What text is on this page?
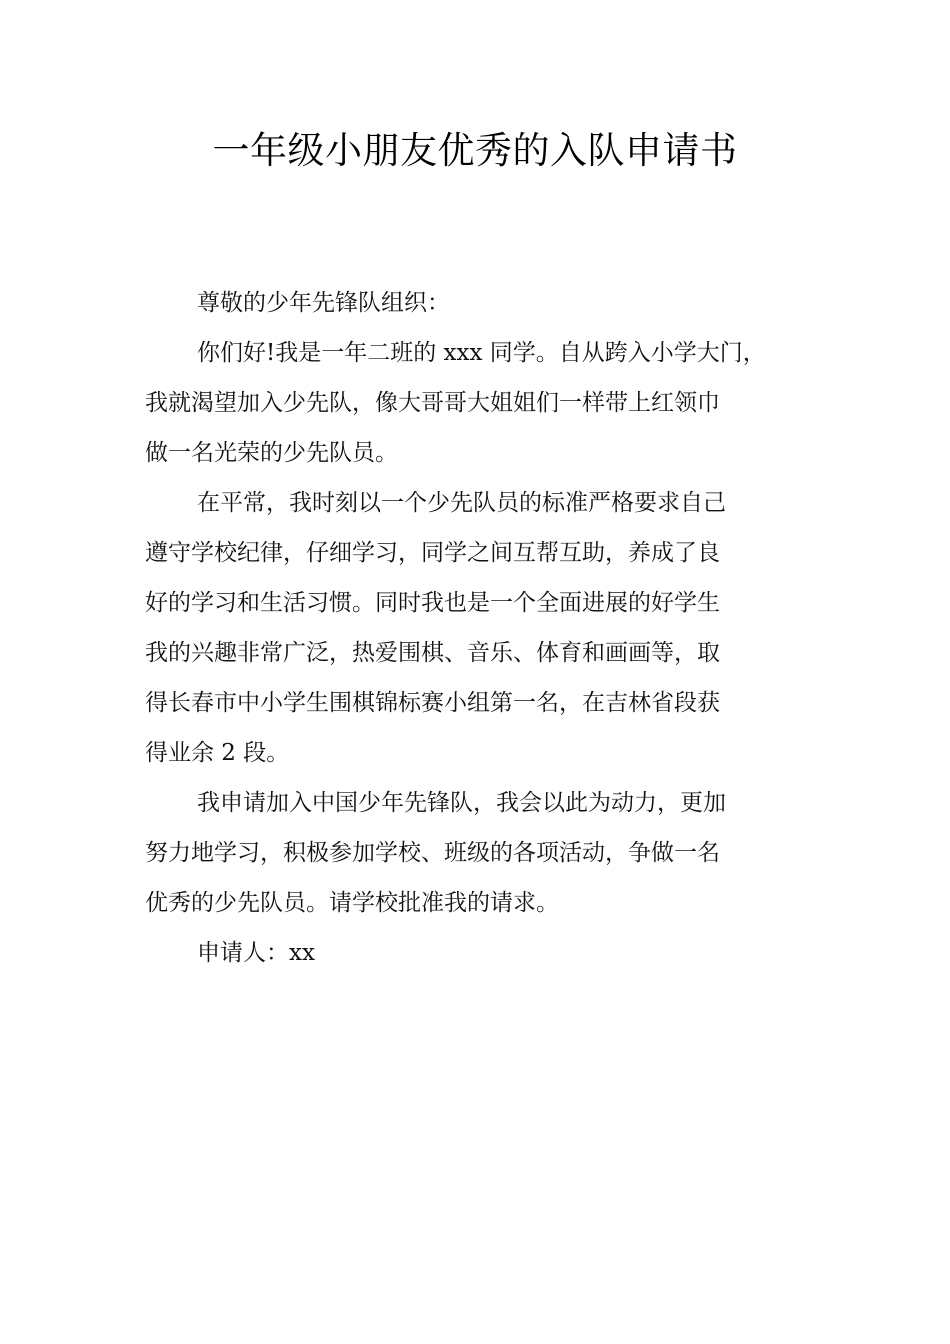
一年级小朋友优秀的入队申请书
尊敬的少年先锋队组织：
你们好!我是一年二班的 xxx 同学。自从跨入小学大门，
我就渴望加入少先队，像大哥哥大姐姐们一样带上红领巾
做一名光荣的少先队员。
在平常，我时刻以一个少先队员的标准严格要求自己
遵守学校纪律，仔细学习，同学之间互帮互助，养成了良
好的学习和生活习惯。同时我也是一个全面进展的好学生
我的兴趣非常广泛，热爱围棋、音乐、体育和画画等，取
得长春市中小学生围棋锦标赛小组第一名，在吉林省段获
得业余 2 段。
我申请加入中国少年先锋队，我会以此为动力，更加
努力地学习，积极参加学校、班级的各项活动，争做一名
优秀的少先队员。请学校批准我的请求。
申请人：xx
